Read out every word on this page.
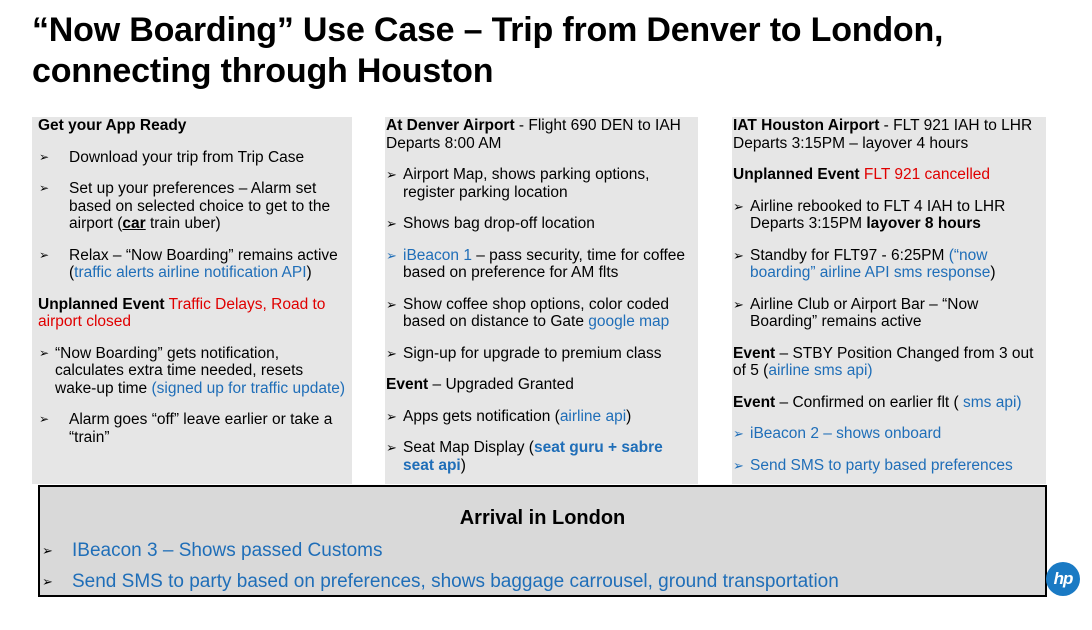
“Now Boarding” Use Case – Trip from Denver to London, connecting through Houston
Get your App Ready
➢	Download your trip from Trip Case
➢	Set up your preferences – Alarm set based on selected choice to get to the airport (car train uber)
➢	Relax – “Now Boarding” remains active (traffic alerts airline notification API)
Unplanned Event Traffic Delays, Road to airport closed
➢ “Now Boarding” gets notification, calculates extra time needed, resets wake-up time (signed up for traffic update)
➢	Alarm goes “off” leave earlier or take a “train”
At Denver Airport - Flight 690 DEN to IAH Departs 8:00 AM
➢ Airport Map, shows parking options, register parking location
➢ Shows bag drop-off location
➢ iBeacon 1 – pass security, time for coffee based on preference for AM flts
➢ Show coffee shop options, color coded based on distance to Gate google map
➢ Sign-up for upgrade to premium class
Event – Upgraded Granted
➢ Apps gets notification (airline api)
➢ Seat Map Display (seat guru + sabre seat api)
IAT Houston Airport - FLT 921 IAH to LHR Departs 3:15PM – layover 4 hours
Unplanned Event FLT 921 cancelled
➢ Airline rebooked to FLT 4 IAH to LHR Departs 3:15PM layover 8 hours
➢ Standby for FLT97 - 6:25PM (“now boarding” airline API sms response)
➢ Airline Club or Airport Bar – “Now Boarding” remains active
Event – STBY Position Changed from 3 out of 5 (airline sms api)
Event – Confirmed on earlier flt ( sms api)
➢ iBeacon 2 – shows onboard
➢ Send SMS to party based preferences
Arrival in London
➢	IBeacon 3 – Shows passed Customs
➢	Send SMS to party based on preferences, shows baggage carrousel, ground transportation	hp
